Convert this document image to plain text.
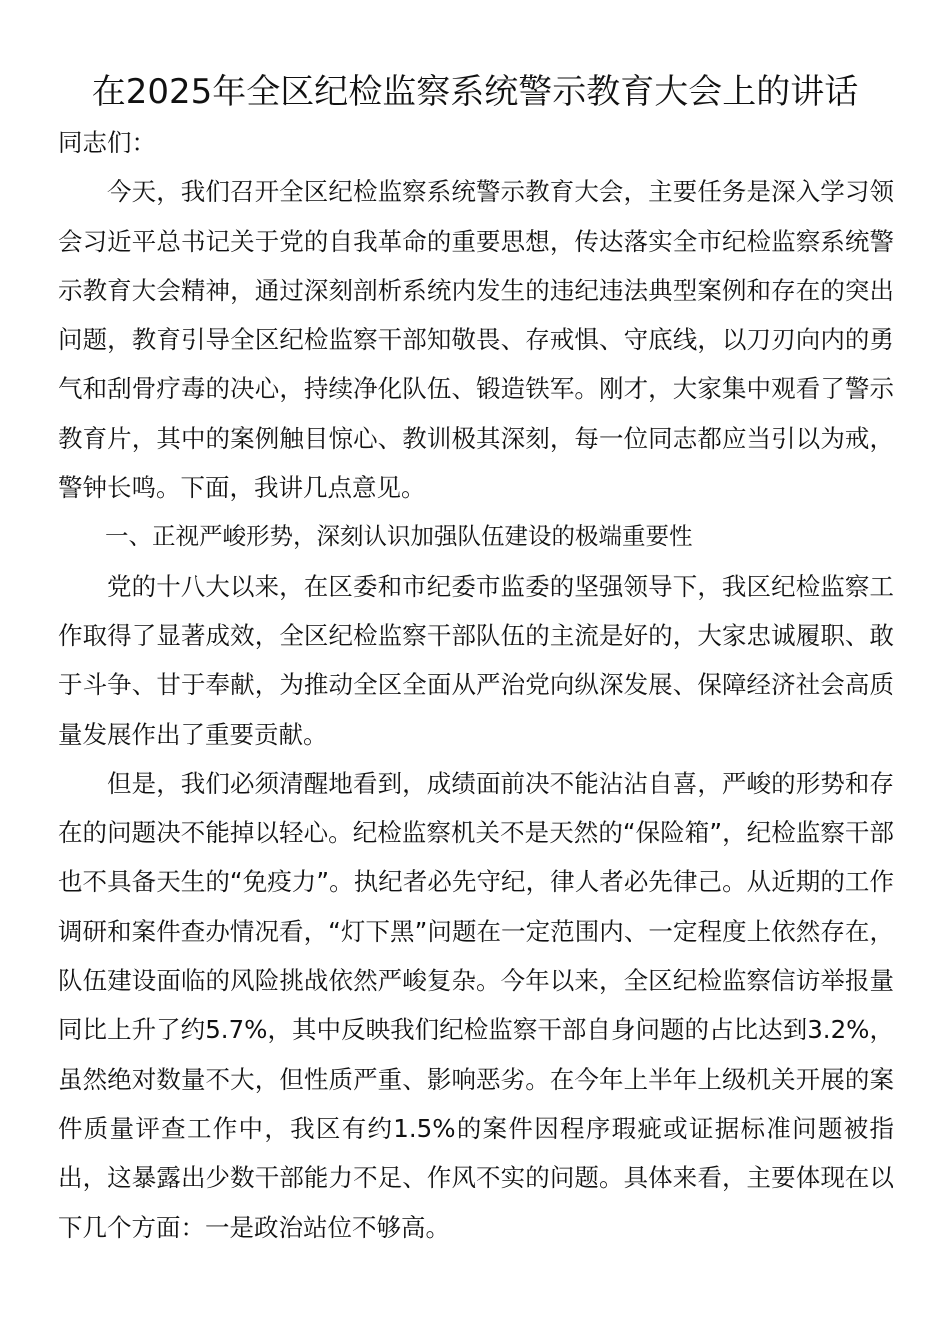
在2025年全区纪检监察系统警示教育大会上的讲话

同志们：

今天，我们召开全区纪检监察系统警示教育大会，主要任务是深入学习领会习近平总书记关于党的自我革命的重要思想，传达落实全市纪检监察系统警示教育大会精神，通过深刻剖析系统内发生的违纪违法典型案例和存在的突出问题，教育引导全区纪检监察干部知敬畏、存戒惧、守底线，以刀刃向内的勇气和刮骨疗毒的决心，持续净化队伍、锻造铁军。刚才，大家集中观看了警示教育片，其中的案例触目惊心、教训极其深刻，每一位同志都应当引以为戒，警钟长鸣。下面，我讲几点意见。

一、正视严峻形势，深刻认识加强队伍建设的极端重要性

党的十八大以来，在区委和市纪委市监委的坚强领导下，我区纪检监察工作取得了显著成效，全区纪检监察干部队伍的主流是好的，大家忠诚履职、敢于斗争、甘于奉献，为推动全区全面从严治党向纵深发展、保障经济社会高质量发展作出了重要贡献。

但是，我们必须清醒地看到，成绩面前决不能沾沾自喜，严峻的形势和存在的问题决不能掉以轻心。纪检监察机关不是天然的“保险箱”，纪检监察干部也不具备天生的“免疫力”。执纪者必先守纪，律人者必先律己。从近期的工作调研和案件查办情况看，“灯下黑”问题在一定范围内、一定程度上依然存在，队伍建设面临的风险挑战依然严峻复杂。今年以来，全区纪检监察信访举报量同比上升了约5.7%，其中反映我们纪检监察干部自身问题的占比达到3.2%，虽然绝对数量不大，但性质严重、影响恶劣。在今年上半年上级机关开展的案件质量评查工作中，我区有约1.5%的案件因程序瑕疵或证据标准问题被指出，这暴露出少数干部能力不足、作风不实的问题。具体来看，主要体现在以下几个方面：一是政治站位不够高。
